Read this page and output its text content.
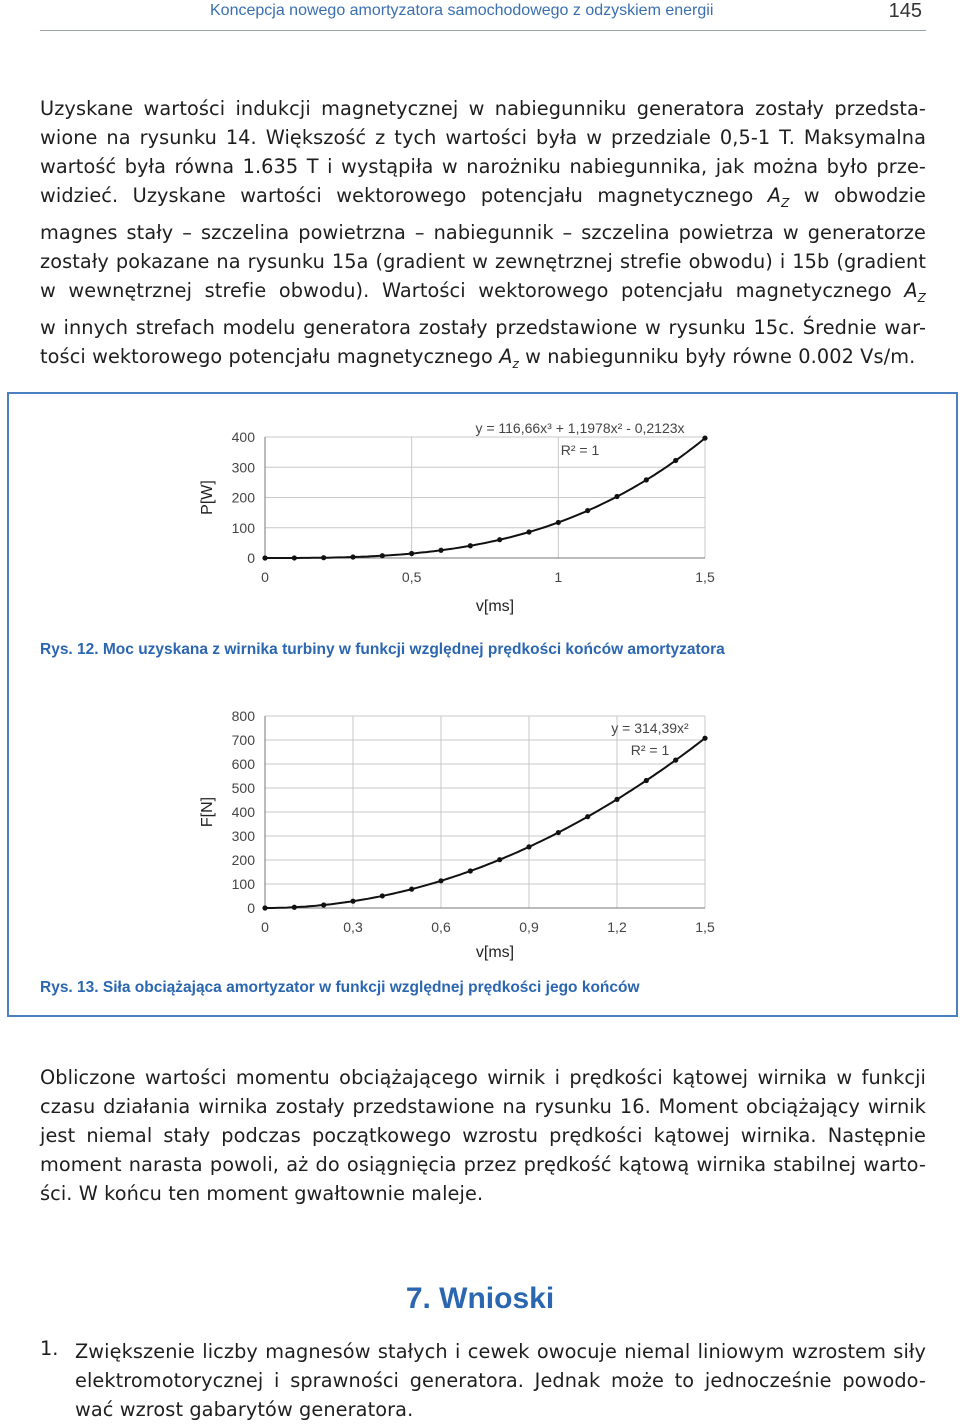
Koncepcja nowego amortyzatora samochodowego z odzyskiem energii	145
Uzyskane wartości indukcji magnetycznej w nabiegunniku generatora zostały przedsta-
wione na rysunku 14. Większość z tych wartości była w przedziale 0,5-1 T. Maksymalna
wartość była równa 1.635 T i wystąpiła w narożniku nabiegunnika, jak można było prze-
widzieć. Uzyskane wartości wektorowego potencjału magnetycznego $A_Z$ w obwodzie
magnes stały – szczelina powietrzna – nabiegunnik – szczelina powietrza w generatorze
zostały pokazane na rysunku 15a (gradient w zewnętrznej strefie obwodu) i 15b (gradient
w wewnętrznej strefie obwodu). Wartości wektorowego potencjału magnetycznego $A_Z$
w innych strefach modelu generatora zostały przedstawione w rysunku 15c. Średnie war-
tości wektorowego potencjału magnetycznego $A_z$ w nabiegunniku były równe 0.002 Vs/m.
0
100
200
300
400
0	0,5	1	1,5
y = 116,66x³ + 1,1978x² - 0,2123x
R² = 1
v[ms]
P[W]
Rys. 12. Moc uzyskana z wirnika turbiny w funkcji względnej prędkości końców amortyzatora
0
100
200
300
400
500
600
700
800
0	0,3	0,6	0,9	1,2	1,5
y = 314,39x²
R² = 1
v[ms]
F[N]
Rys. 13. Siła obciążająca amortyzator w funkcji względnej prędkości jego końców
Obliczone wartości momentu obciążającego wirnik i prędkości kątowej wirnika w funkcji
czasu działania wirnika zostały przedstawione na rysunku 16. Moment obciążający wirnik
jest niemal stały podczas początkowego wzrostu prędkości kątowej wirnika. Następnie
moment narasta powoli, aż do osiągnięcia przez prędkość kątową wirnika stabilnej warto-
ści. W końcu ten moment gwałtownie maleje.
7. Wnioski
1. Zwiększenie liczby magnesów stałych i cewek owocuje niemal liniowym wzrostem siły
elektromotorycznej i sprawności generatora. Jednak może to jednocześnie powodo-
wać wzrost gabarytów generatora.
